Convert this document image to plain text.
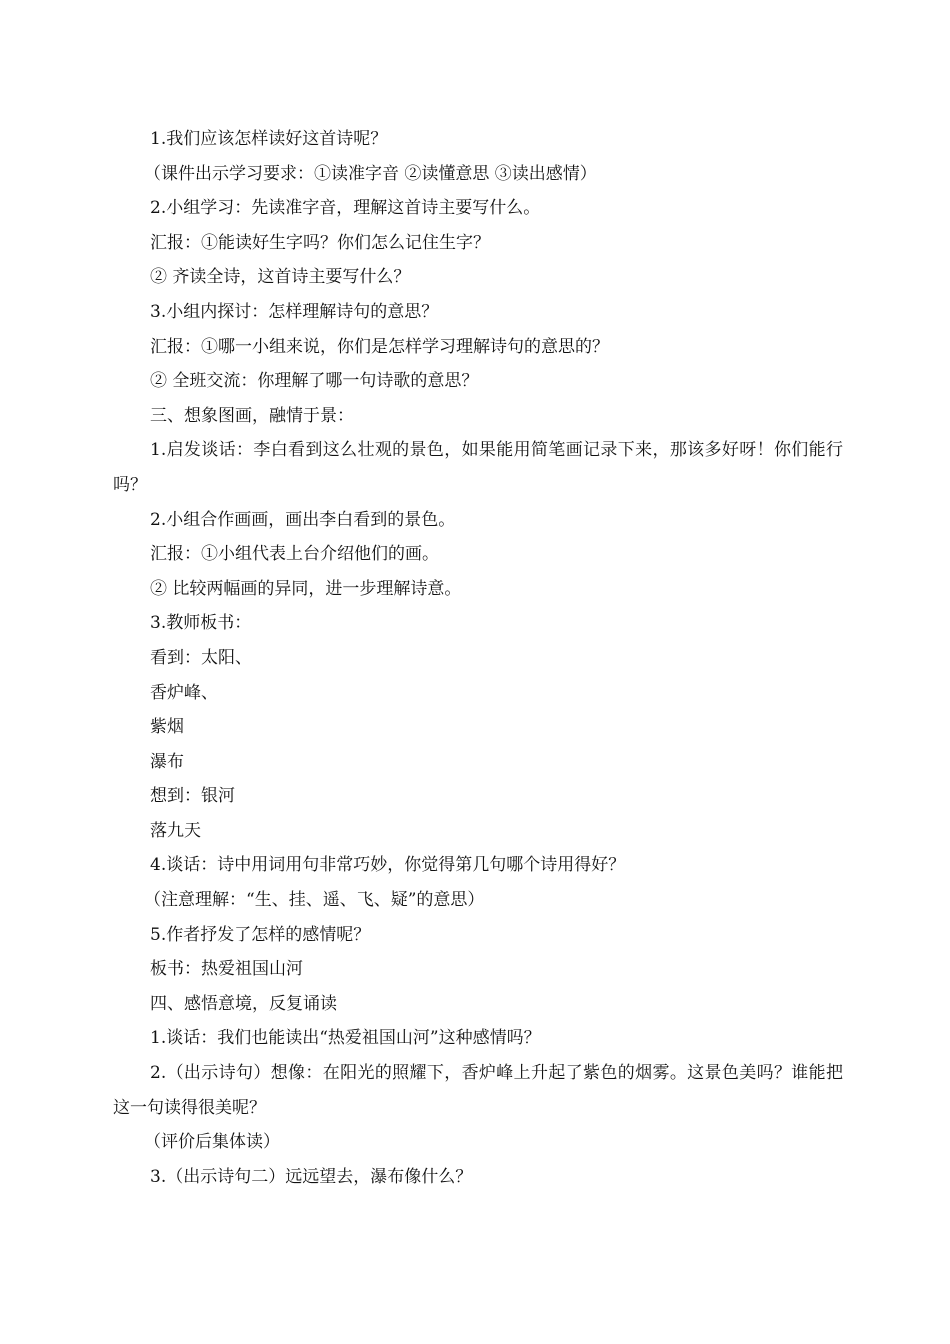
1.我们应该怎样读好这首诗呢？

（课件出示学习要求：①读准字音 ②读懂意思 ③读出感情）

2.小组学习：先读准字音，理解这首诗主要写什么。

汇报：①能读好生字吗？你们怎么记住生字？

② 齐读全诗，这首诗主要写什么？

3.小组内探讨：怎样理解诗句的意思？

汇报：①哪一小组来说，你们是怎样学习理解诗句的意思的？

② 全班交流：你理解了哪一句诗歌的意思？

三、想象图画，融情于景：

1.启发谈话：李白看到这么壮观的景色，如果能用简笔画记录下来，那该多好呀！你们能行吗？

2.小组合作画画，画出李白看到的景色。

汇报：①小组代表上台介绍他们的画。

② 比较两幅画的异同，进一步理解诗意。

3.教师板书：

看到：太阳、

香炉峰、

紫烟

瀑布

想到：银河

落九天

4.谈话：诗中用词用句非常巧妙，你觉得第几句哪个诗用得好？

（注意理解：“生、挂、遥、飞、疑”的意思）

5.作者抒发了怎样的感情呢？

板书：热爱祖国山河

四、感悟意境，反复诵读

1.谈话：我们也能读出“热爱祖国山河”这种感情吗？

2.（出示诗句）想像：在阳光的照耀下，香炉峰上升起了紫色的烟雾。这景色美吗？谁能把这一句读得很美呢？

（评价后集体读）

3.（出示诗句二）远远望去，瀑布像什么？
